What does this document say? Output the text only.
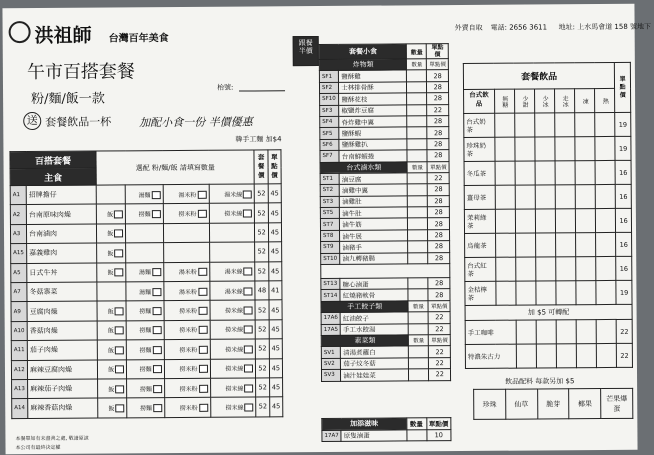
洪祖師 台灣百年美食
午市百搭套餐
枱號:
粉/麵/飯一款
送 套餐飲品一杯	加配小食一份 半價優惠
韓手工麵 加$4
百搭套餐		選配 粉/麵/飯 請填寫數量				套餐價	單點價
主食							
A1	招牌擔仔		湯麵	湯米粉	湯米線	52	45
A2	台南原味肉燥	飯	撈麵	撈米粉	撈米線	52	45
A3	台南滷肉	飯				52	45
A15	嘉義雞肉	飯				52	45
A5	日式牛丼	飯	湯麵	湯米粉	湯米線	52	45
A7	冬菇寨菜		湯麵	湯米粉	湯米線	48	41
A9	豆腐肉燥	飯	撈麵	撈米粉	撈米線	52	45
A10	香菇肉燥	飯	撈麵	撈米粉	撈米線	52	45
A11	茄子肉燥	飯	撈麵	撈米粉	撈米線	52	45
A12	麻辣豆腐肉燥	飯	撈麵	撈米粉	撈米線	52	45
A13	麻辣茄子肉燥	飯	撈麵	撈米粉	撈米線	52	45
A14	麻辣香菇肉燥	飯	撈麵	撈米粉	撈米線	52	45
本餐單如有未盡善之處, 敬請原諒
本公司有最終決定權
跟餐半價	套餐小食		數量	單點價
炸物類		數量	單點價
SF1	鹽酥雞		28
SF2	士林排骨酥		28
SF10	鹽酥花枝		28
SF3	椒鹽炸豆腐		22
SF4	脊炸雞中翼		28
SF5	鹽酥蝦		28
SF6	鹽酥雞扒		28
SF7	台南鮮蝦捲		28
台式滷水類		數量	單點價
ST1	滷豆腐		22
ST2	滷雞中翼		28
ST3	滷雞肚		28
ST5	滷牛肚		28
ST7	滷牛筋		28
ST8	滷牛展		28
ST9	滷豬手		28
ST10	滷九轉豬腸		28

ST13	糖心滷蛋		28
ST14	紅燒豬軟骨		28
手工餃子類		數量	單點價
17A6	紅油餃子		22
17A5	手工水餃湯		22
素菜類		數量	單點價
SV1	清湯煮蘿白		22
SV2	茄子炆冬菇		22
SV3	滷汁娃娃菜		22
加添滋味		數量	單點價
17A7	原隻滷蛋		10
外賣自取 電話: 2656 3611 地址: 上水馬會道 158 號地下
套餐飲品							單點價
台式飲品	無糖	少甜	少冰	走冰	凍	熱	
台式奶茶							19
珍珠奶茶							19
冬瓜茶							16
薑母茶							16
茉莉綠茶							16
烏龍茶							16
台式紅茶							16
金桔檸茶							19
加 $5 可轉配							
手工咖啡							22
特濃朱古力							22
飲品配料 每款另加 $5
珍珠	仙草	脆芽	椰果	芒果爆蛋
